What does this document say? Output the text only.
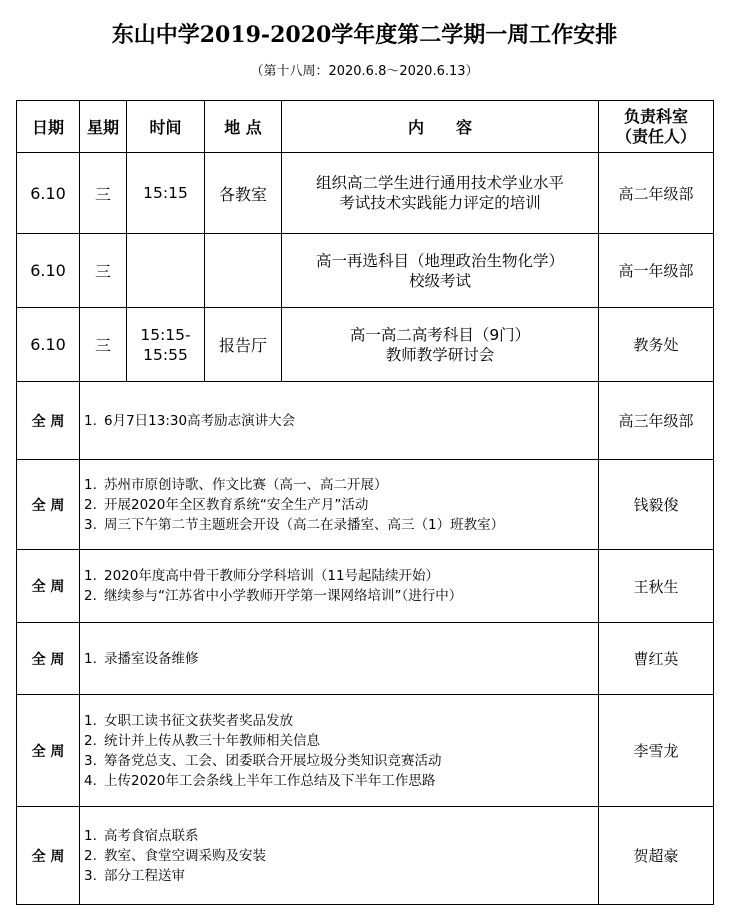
东山中学2019-2020学年度第二学期一周工作安排
（第十八周：2020.6.8～2020.6.13）
日期	星期	时间	地 点	内　　容	负责科室
（责任人）

6.10	三	15:15	各教室	组织高二学生进行通用技术学业水平
考试技术实践能力评定的培训	高二年级部
6.10	三			高一再选科目（地理政治生物化学）
校级考试	高一年级部
6.10	三	15:15-
15:55	报告厅	高一高二高考科目（9门）
教师教学研讨会	教务处
全 周	1. 6月7日13:30高考励志演讲大会				高三年级部
全 周	1. 苏州市原创诗歌、作文比赛（高一、高二开展）
2. 开展2020年全区教育系统“安全生产月”活动
3. 周三下午第二节主题班会开设（高二在录播室、高三（1）班教室）				钱毅俊
全 周	1. 2020年度高中骨干教师分学科培训（11号起陆续开始）
2. 继续参与“江苏省中小学教师开学第一课网络培训”（进行中）				王秋生
全 周	1. 录播室设备维修				曹红英
全 周	1. 女职工读书征文获奖者奖品发放
2. 统计并上传从教三十年教师相关信息
3. 筹备党总支、工会、团委联合开展垃圾分类知识竞赛活动
4. 上传2020年工会条线上半年工作总结及下半年工作思路				李雪龙
全 周	1. 高考食宿点联系
2. 教室、食堂空调采购及安装
3. 部分工程送审				贺超豪
